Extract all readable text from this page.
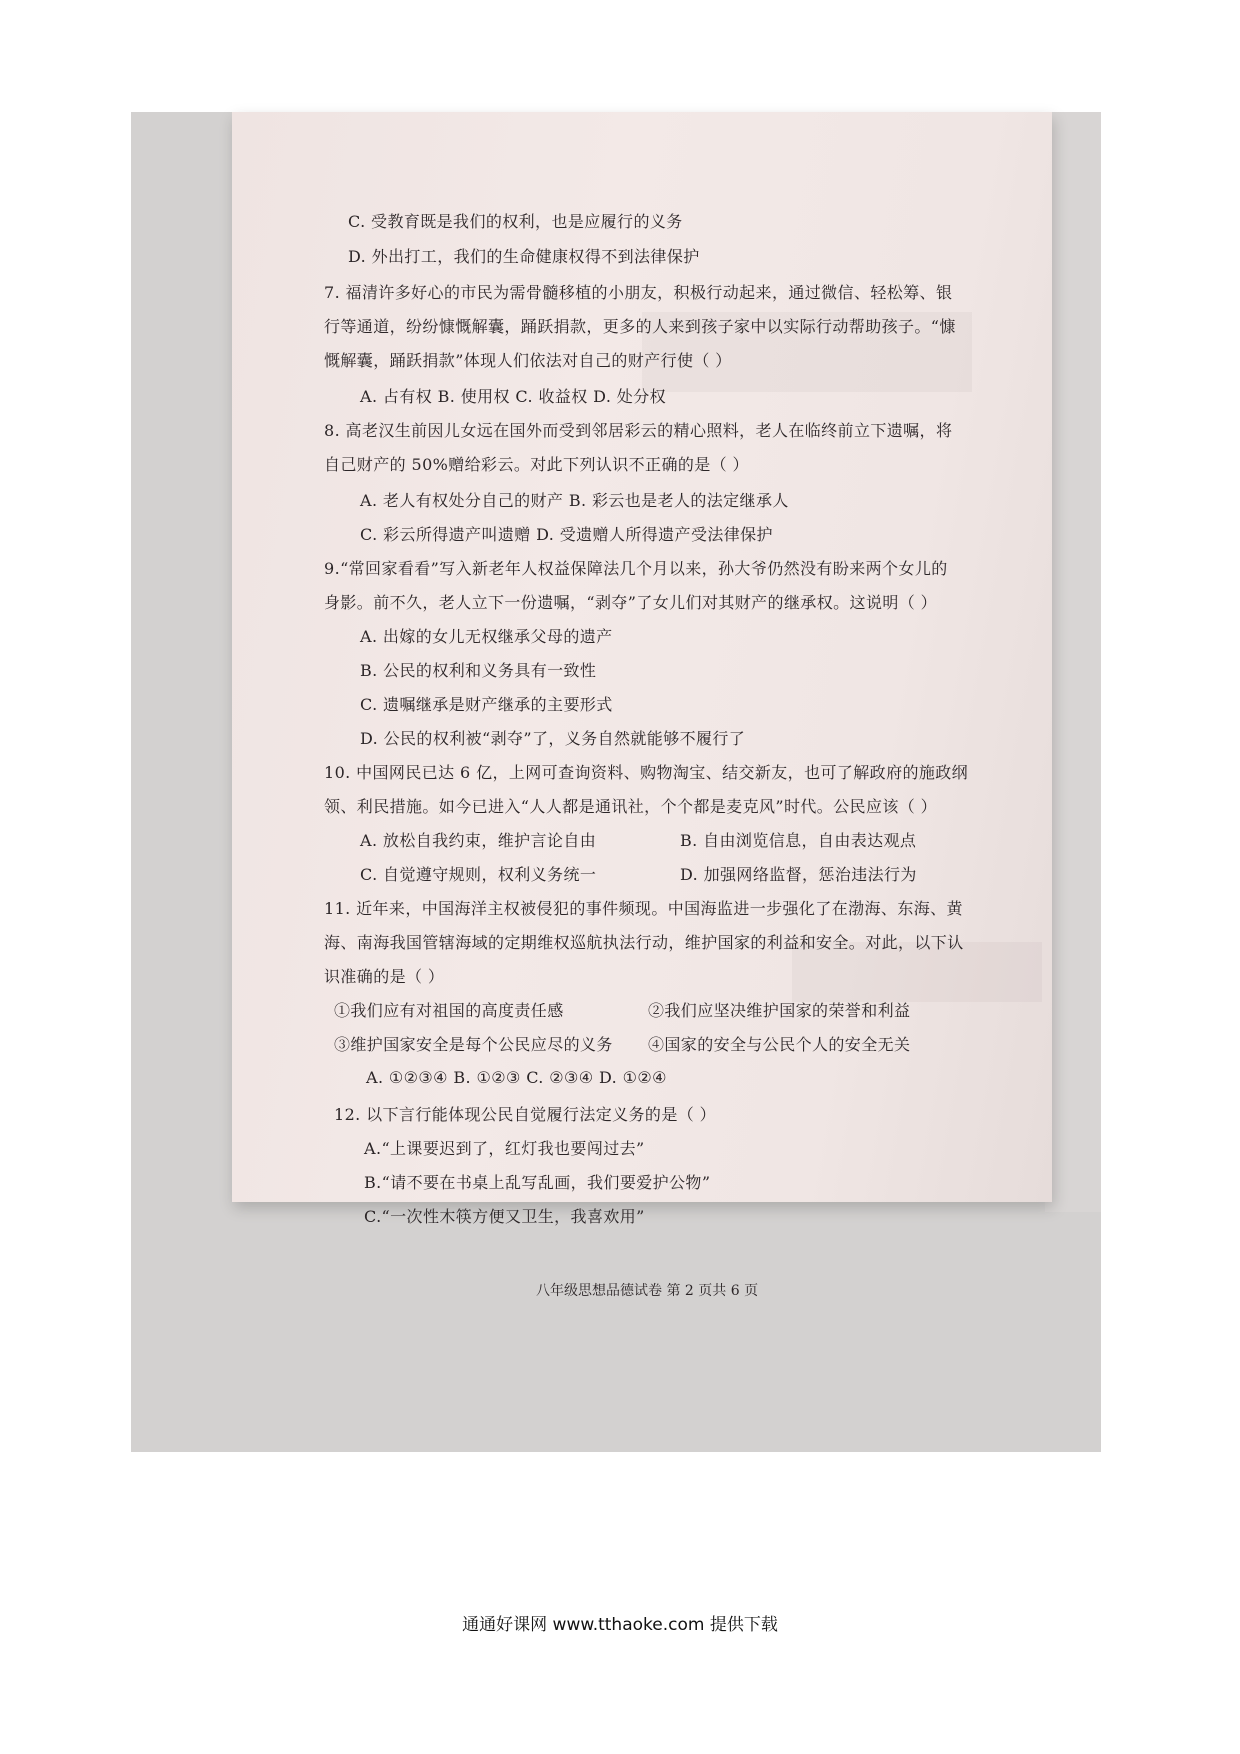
C. 受教育既是我们的权利，也是应履行的义务
D. 外出打工，我们的生命健康权得不到法律保护
7. 福清许多好心的市民为需骨髓移植的小朋友，积极行动起来，通过微信、轻松筹、银
行等通道，纷纷慷慨解囊，踊跃捐款，更多的人来到孩子家中以实际行动帮助孩子。“慷
慨解囊，踊跃捐款”体现人们依法对自己的财产行使（ ）
A. 占有权 B. 使用权 C. 收益权 D. 处分权
8. 高老汉生前因儿女远在国外而受到邻居彩云的精心照料，老人在临终前立下遗嘱，将
自己财产的 50%赠给彩云。对此下列认识不正确的是（ ）
A. 老人有权处分自己的财产 B. 彩云也是老人的法定继承人
C. 彩云所得遗产叫遗赠 D. 受遗赠人所得遗产受法律保护
9.“常回家看看”写入新老年人权益保障法几个月以来，孙大爷仍然没有盼来两个女儿的
身影。前不久，老人立下一份遗嘱，“剥夺”了女儿们对其财产的继承权。这说明（ ）
A. 出嫁的女儿无权继承父母的遗产
B. 公民的权利和义务具有一致性
C. 遗嘱继承是财产继承的主要形式
D. 公民的权利被“剥夺”了，义务自然就能够不履行了
10. 中国网民已达 6 亿，上网可查询资料、购物淘宝、结交新友，也可了解政府的施政纲
领、利民措施。如今已进入“人人都是通讯社，个个都是麦克风”时代。公民应该（ ）
A. 放松自我约束，维护言论自由	B. 自由浏览信息，自由表达观点
C. 自觉遵守规则，权利义务统一	D. 加强网络监督，惩治违法行为
11. 近年来，中国海洋主权被侵犯的事件频现。中国海监进一步强化了在渤海、东海、黄
海、南海我国管辖海域的定期维权巡航执法行动，维护国家的利益和安全。对此，以下认
识准确的是（ ）
①我们应有对祖国的高度责任感	②我们应坚决维护国家的荣誉和利益
③维护国家安全是每个公民应尽的义务 ④国家的安全与公民个人的安全无关
A. ①②③④ B. ①②③ C. ②③④ D. ①②④
12. 以下言行能体现公民自觉履行法定义务的是（ ）
A.“上课要迟到了，红灯我也要闯过去”
B.“请不要在书桌上乱写乱画，我们要爱护公物”
C.“一次性木筷方便又卫生，我喜欢用”
八年级思想品德试卷 第 2 页共 6 页
通通好课网 www.tthaoke.com 提供下载
